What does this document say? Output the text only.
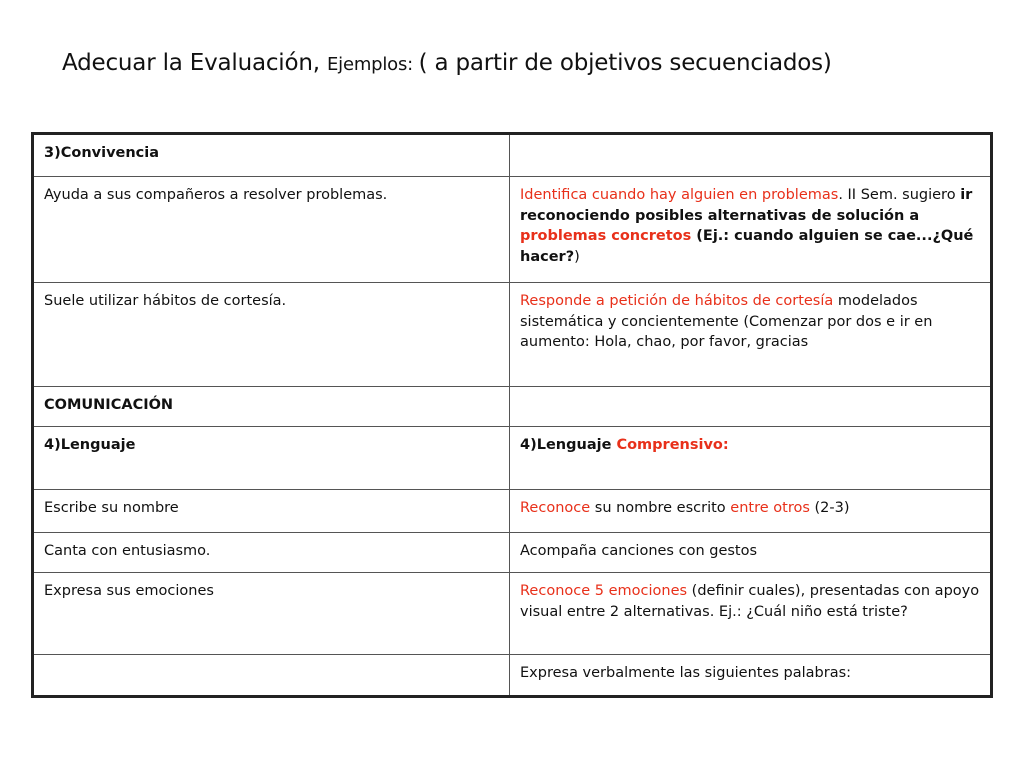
Adecuar la Evaluación, Ejemplos: ( a partir de objetivos secuenciados)
3)Convivencia	
Ayuda a sus compañeros a resolver problemas.	Identifica cuando hay alguien en problemas. II Sem. sugiero ir reconociendo posibles alternativas de solución a problemas concretos (Ej.: cuando alguien se cae...¿Qué hacer?)
Suele utilizar hábitos de cortesía.	Responde a petición de hábitos de cortesía modelados sistemática y concientemente (Comenzar por dos e ir en aumento: Hola, chao, por favor, gracias
COMUNICACIÓN	
4)Lenguaje	4)Lenguaje Comprensivo:
Escribe su nombre	Reconoce su nombre escrito entre otros (2-3)
Canta con entusiasmo.	Acompaña canciones con gestos
Expresa sus emociones	Reconoce 5 emociones (definir cuales), presentadas con apoyo visual entre 2 alternativas. Ej.: ¿Cuál niño está triste?
	Expresa verbalmente las siguientes palabras:
